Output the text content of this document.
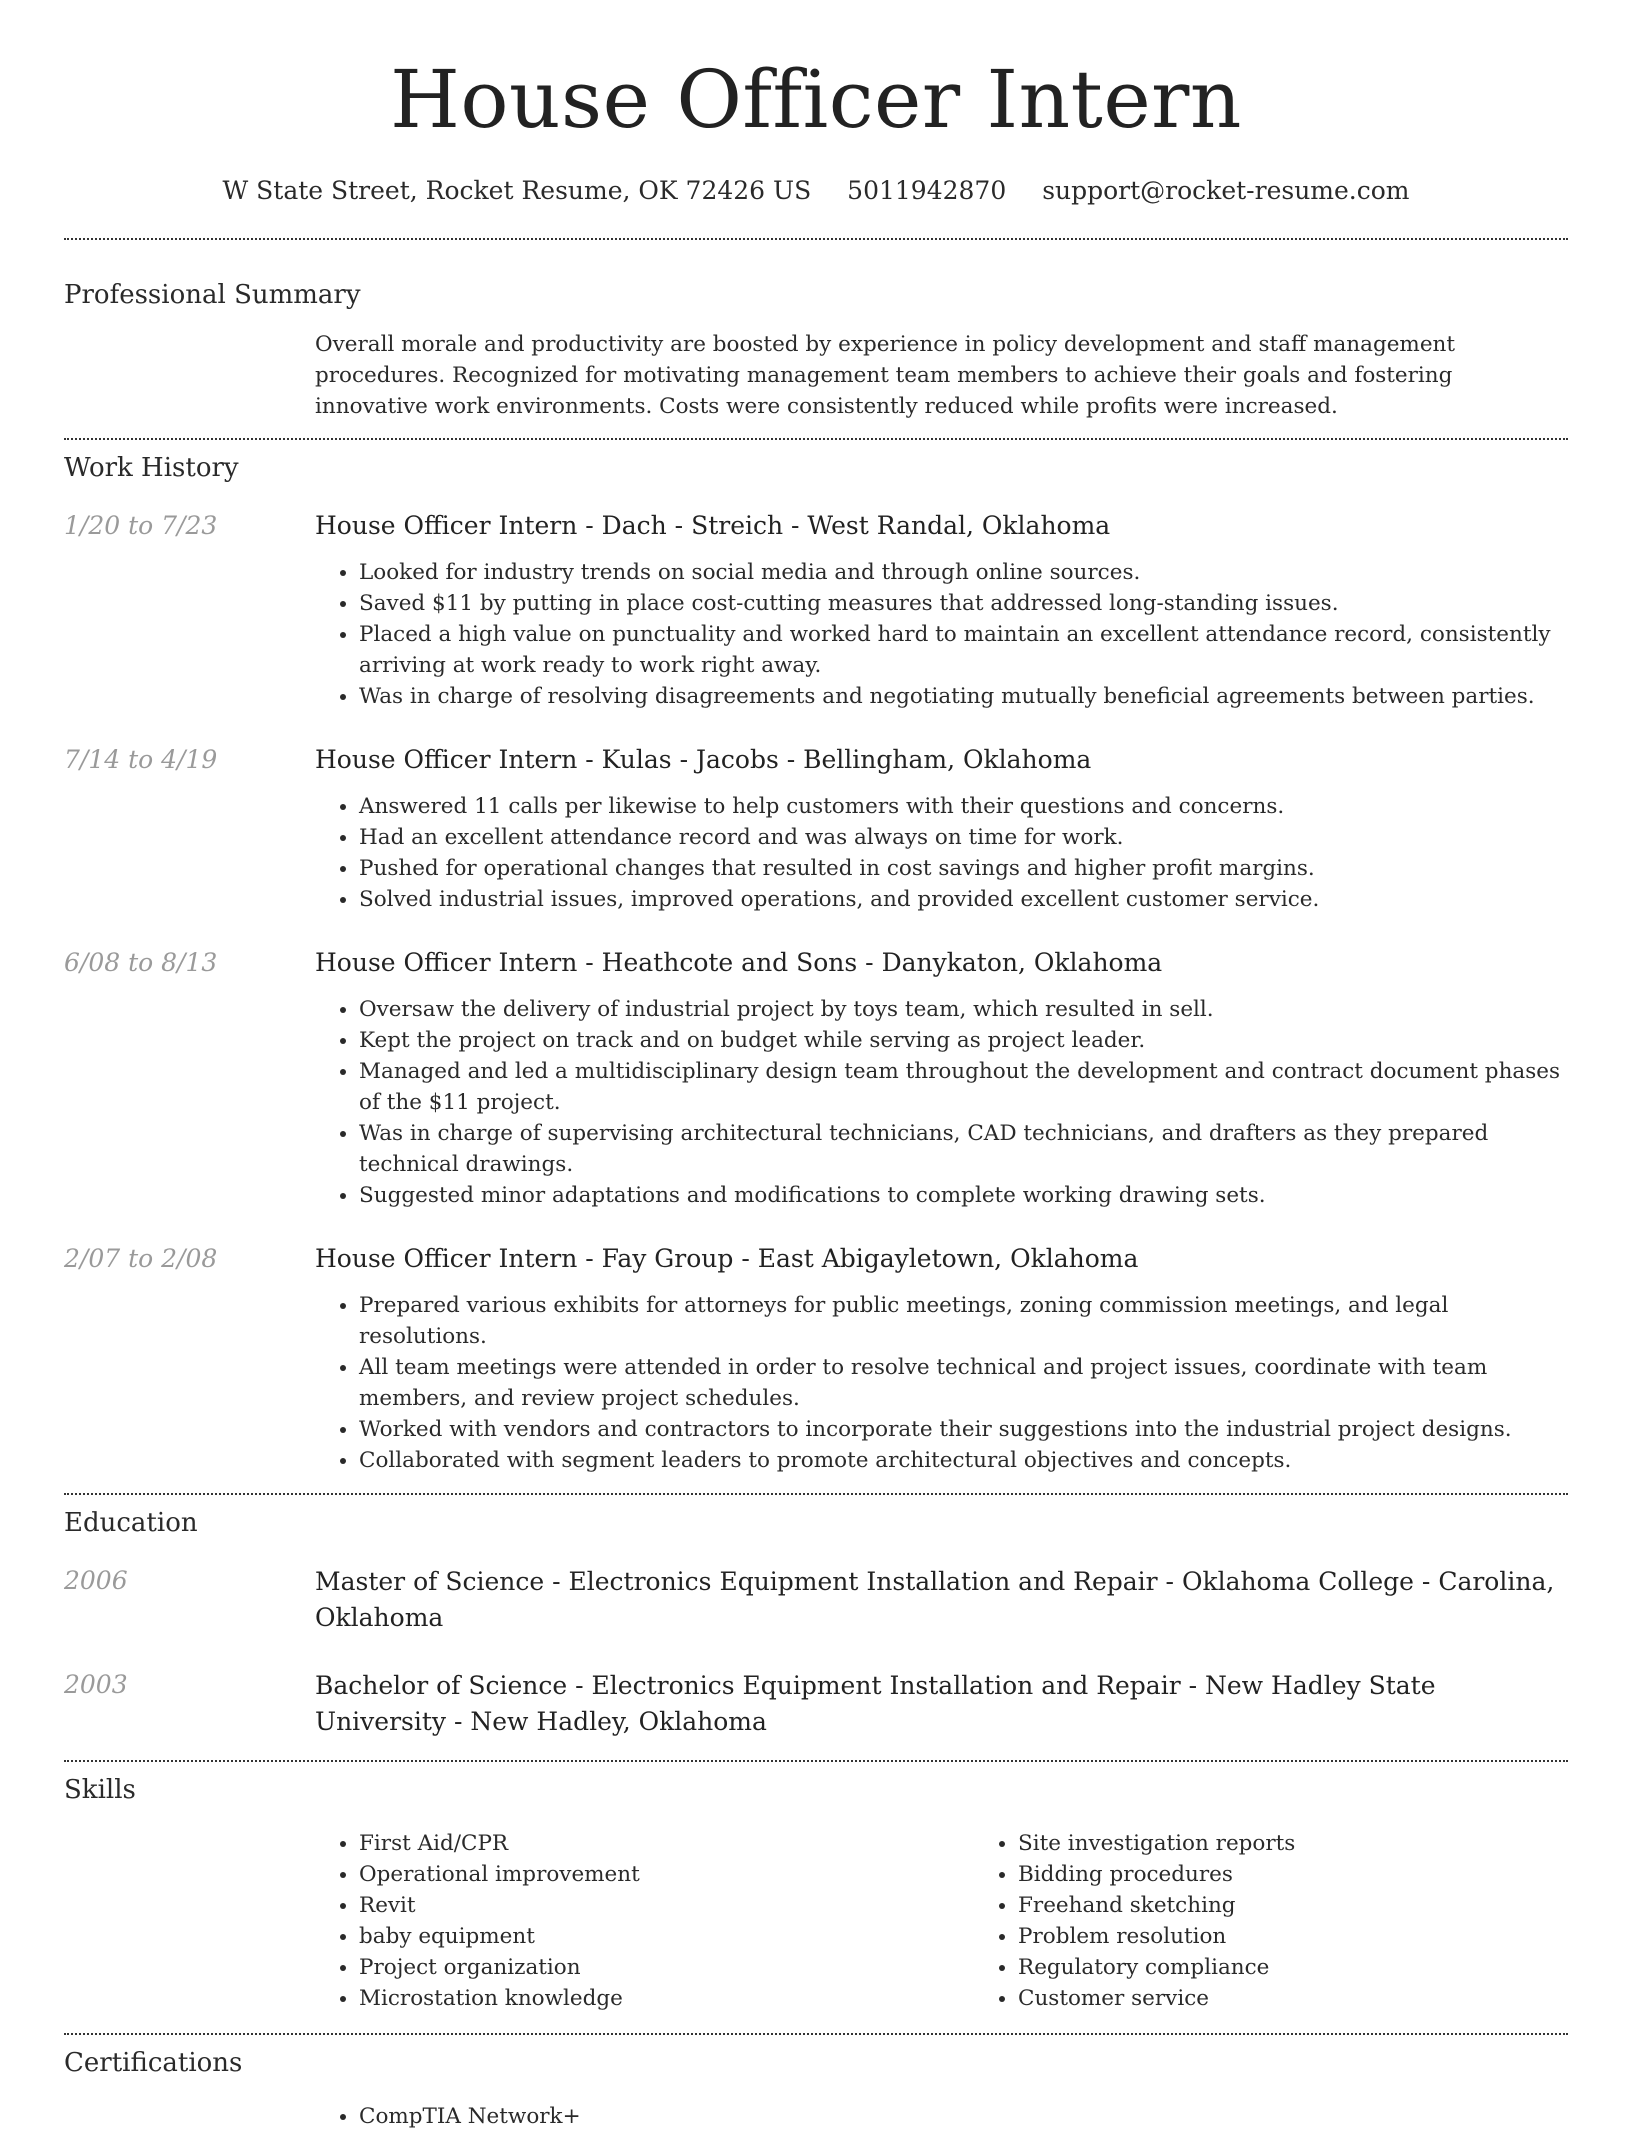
House Officer Intern
W State Street, Rocket Resume, OK 72426 US 5011942870 support@rocket-resume.com
Professional Summary
Overall morale and productivity are boosted by experience in policy development and staff management procedures. Recognized for motivating management team members to achieve their goals and fostering innovative work environments. Costs were consistently reduced while profits were increased.
Work History
1/20 to 7/23	House Officer Intern - Dach - Streich - West Randal, Oklahoma
• Looked for industry trends on social media and through online sources.
• Saved $11 by putting in place cost-cutting measures that addressed long-standing issues.
• Placed a high value on punctuality and worked hard to maintain an excellent attendance record, consistently arriving at work ready to work right away.
• Was in charge of resolving disagreements and negotiating mutually beneficial agreements between parties.
7/14 to 4/19	House Officer Intern - Kulas - Jacobs - Bellingham, Oklahoma
• Answered 11 calls per likewise to help customers with their questions and concerns.
• Had an excellent attendance record and was always on time for work.
• Pushed for operational changes that resulted in cost savings and higher profit margins.
• Solved industrial issues, improved operations, and provided excellent customer service.
6/08 to 8/13	House Officer Intern - Heathcote and Sons - Danykaton, Oklahoma
• Oversaw the delivery of industrial project by toys team, which resulted in sell.
• Kept the project on track and on budget while serving as project leader.
• Managed and led a multidisciplinary design team throughout the development and contract document phases of the $11 project.
• Was in charge of supervising architectural technicians, CAD technicians, and drafters as they prepared technical drawings.
• Suggested minor adaptations and modifications to complete working drawing sets.
2/07 to 2/08	House Officer Intern - Fay Group - East Abigayletown, Oklahoma
• Prepared various exhibits for attorneys for public meetings, zoning commission meetings, and legal resolutions.
• All team meetings were attended in order to resolve technical and project issues, coordinate with team members, and review project schedules.
• Worked with vendors and contractors to incorporate their suggestions into the industrial project designs.
• Collaborated with segment leaders to promote architectural objectives and concepts.
Education
2006	Master of Science - Electronics Equipment Installation and Repair - Oklahoma College - Carolina, Oklahoma
2003	Bachelor of Science - Electronics Equipment Installation and Repair - New Hadley State University - New Hadley, Oklahoma
Skills
• First Aid/CPR
• Operational improvement
• Revit
• baby equipment
• Project organization
• Microstation knowledge
• Site investigation reports
• Bidding procedures
• Freehand sketching
• Problem resolution
• Regulatory compliance
• Customer service
Certifications
• CompTIA Network+
